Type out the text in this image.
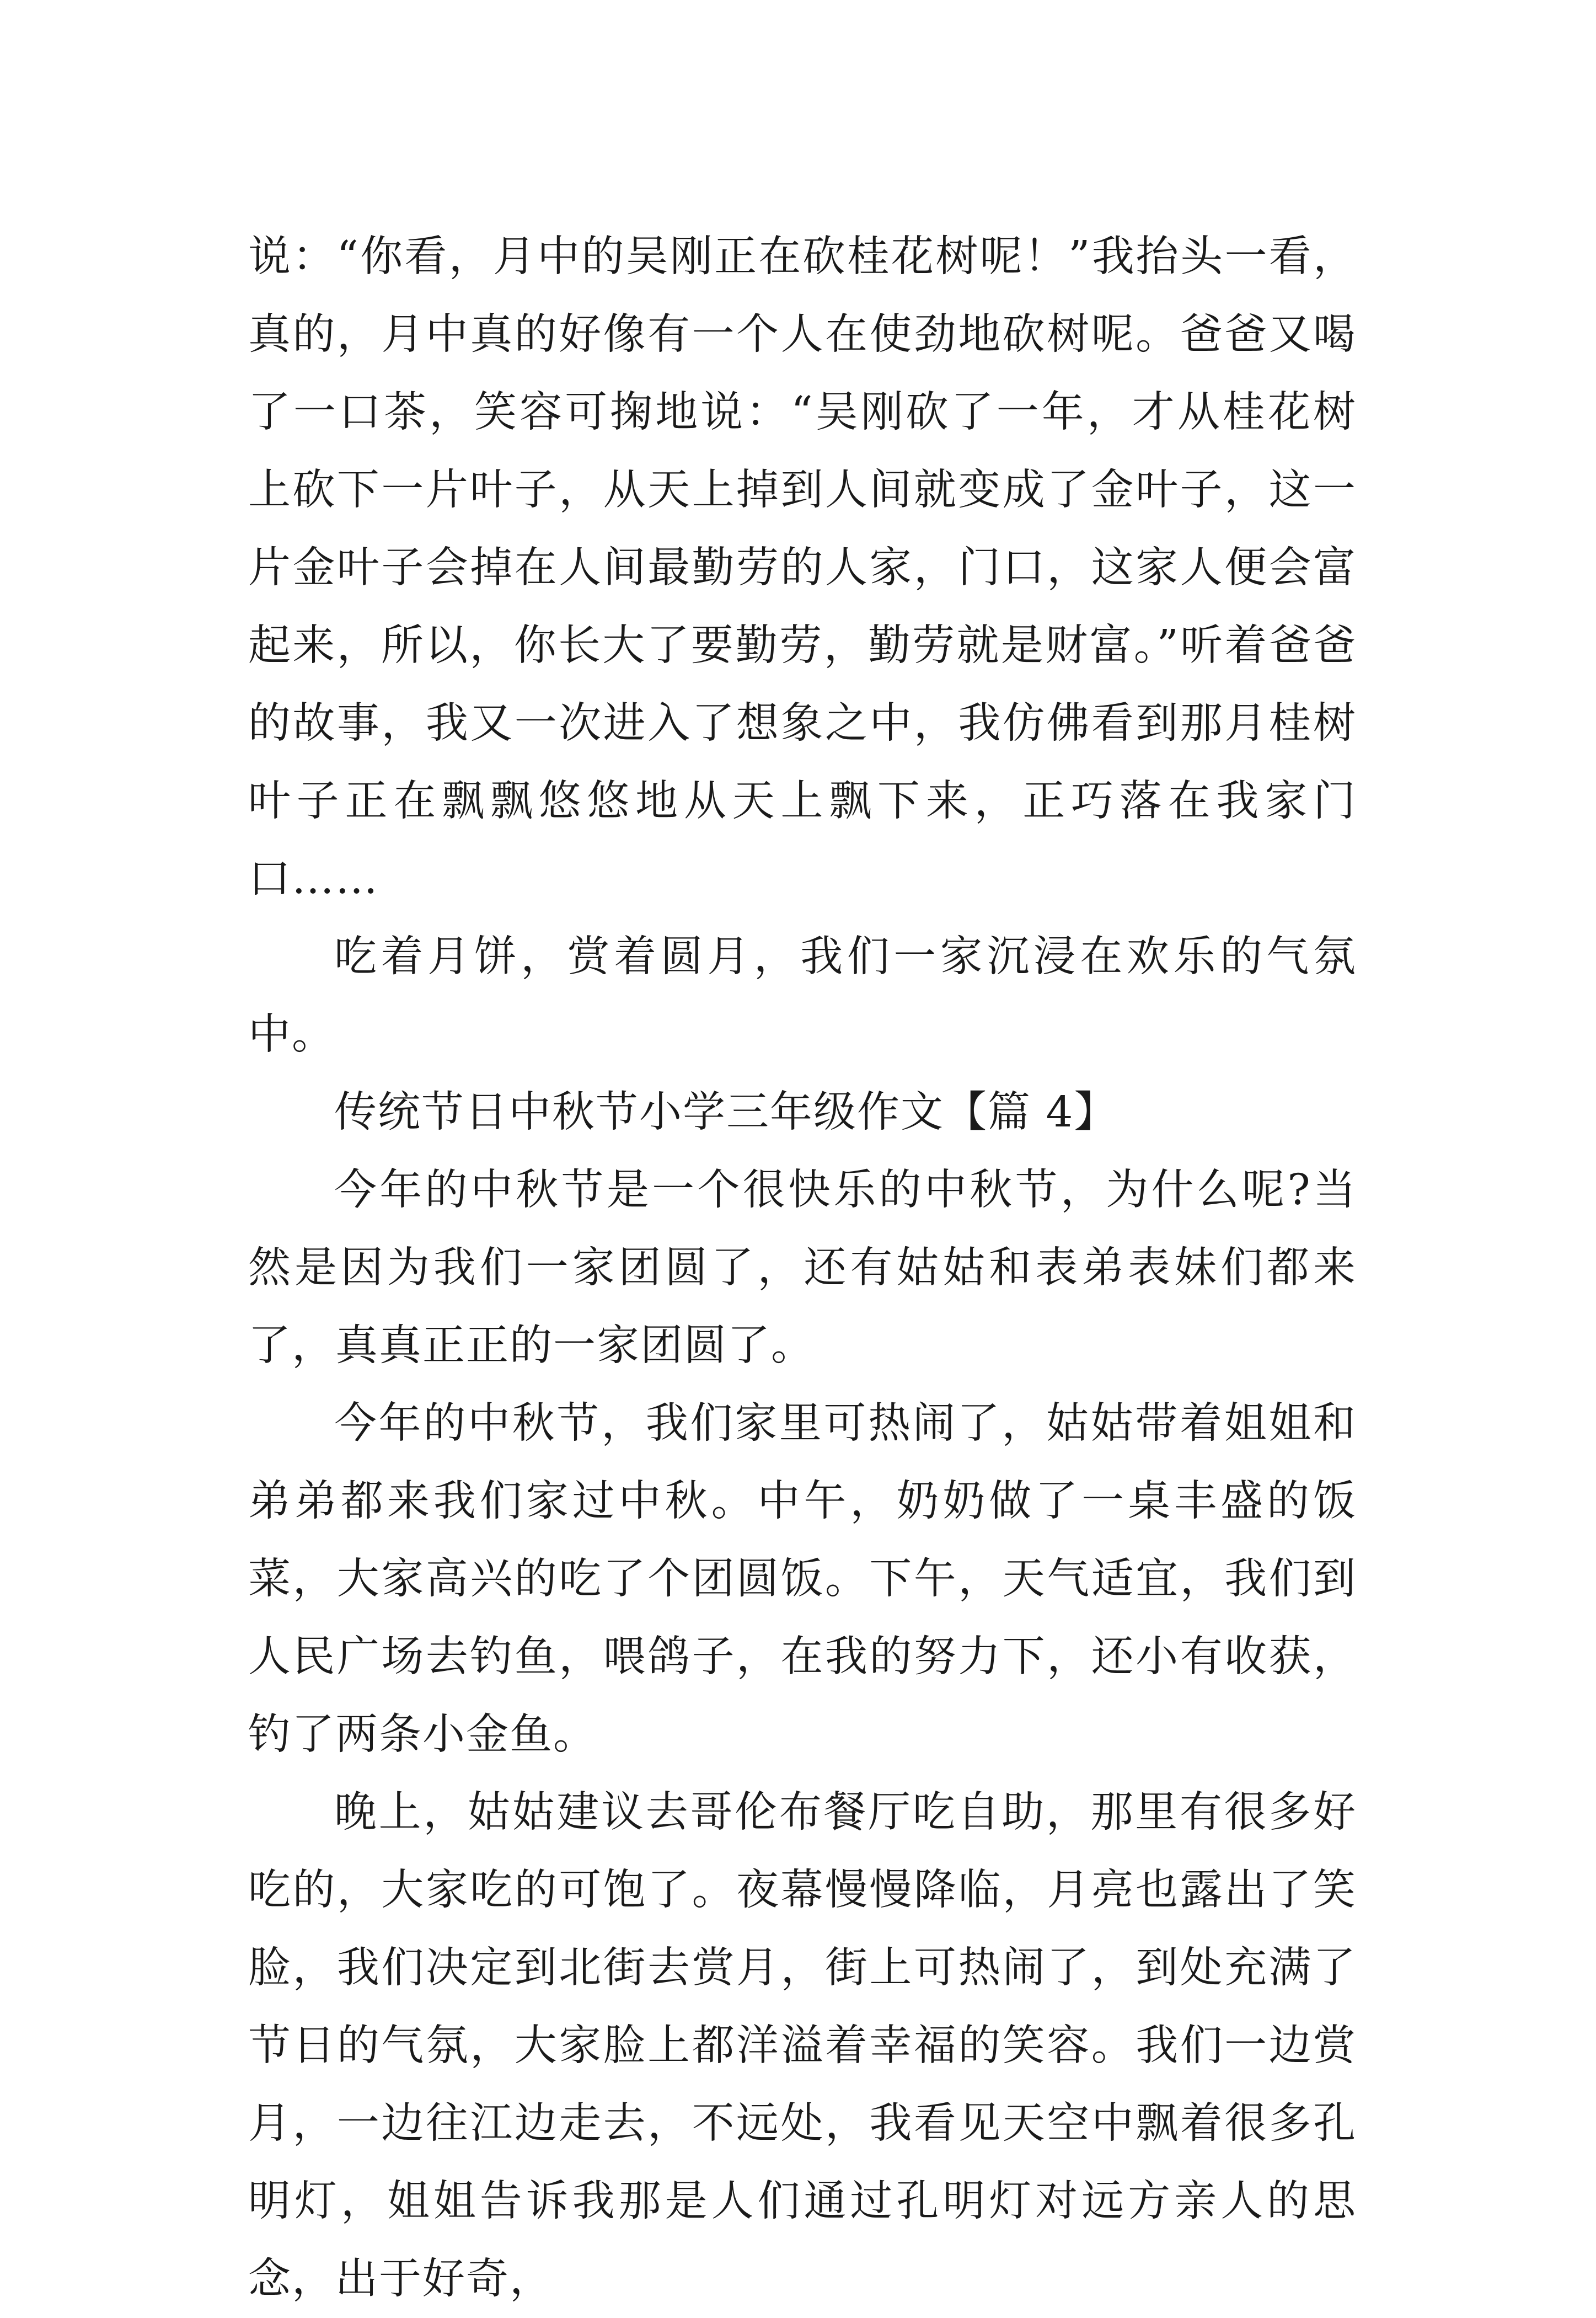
说：“你看，月中的吴刚正在砍桂花树呢！”我抬头一看，真的，月中真的好像有一个人在使劲地砍树呢。爸爸又喝了一口茶，笑容可掬地说：“吴刚砍了一年，才从桂花树上砍下一片叶子，从天上掉到人间就变成了金叶子，这一片金叶子会掉在人间最勤劳的人家，门口，这家人便会富起来，所以，你长大了要勤劳，勤劳就是财富。”听着爸爸的故事，我又一次进入了想象之中，我仿佛看到那月桂树叶子正在飘飘悠悠地从天上飘下来，正巧落在我家门口……

吃着月饼，赏着圆月，我们一家沉浸在欢乐的气氛中。

传统节日中秋节小学三年级作文【篇 4】

今年的中秋节是一个很快乐的中秋节，为什么呢?当然是因为我们一家团圆了，还有姑姑和表弟表妹们都来了，真真正正的一家团圆了。

今年的中秋节，我们家里可热闹了，姑姑带着姐姐和弟弟都来我们家过中秋。中午，奶奶做了一桌丰盛的饭菜，大家高兴的吃了个团圆饭。下午，天气适宜，我们到人民广场去钓鱼，喂鸽子，在我的努力下，还小有收获，钓了两条小金鱼。

晚上，姑姑建议去哥伦布餐厅吃自助，那里有很多好吃的，大家吃的可饱了。夜幕慢慢降临，月亮也露出了笑脸，我们决定到北街去赏月，街上可热闹了，到处充满了节日的气氛，大家脸上都洋溢着幸福的笑容。我们一边赏月，一边往江边走去，不远处，我看见天空中飘着很多孔明灯，姐姐告诉我那是人们通过孔明灯对远方亲人的思念，出于好奇，
